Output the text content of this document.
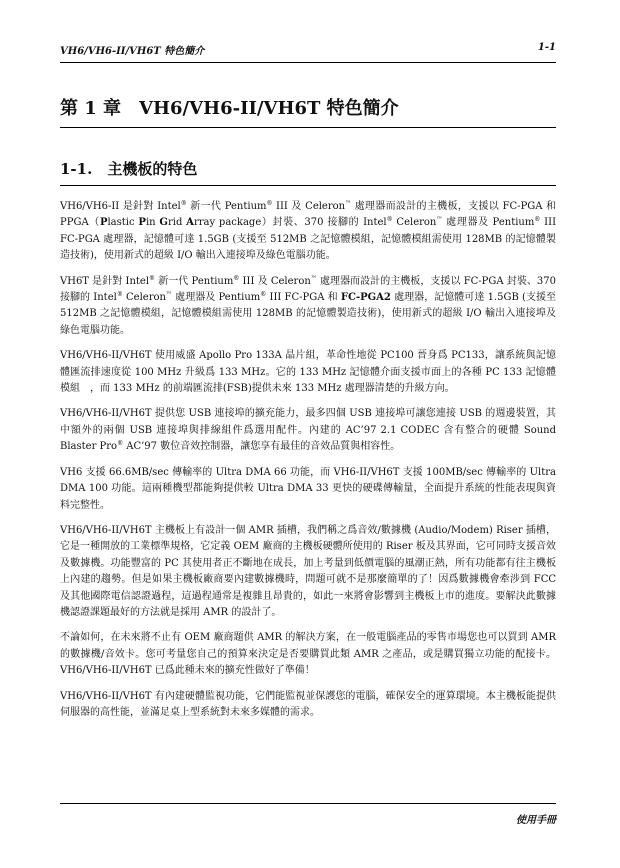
VH6/VH6-II/VH6T 特色簡介	1-1
第 1 章　VH6/VH6-II/VH6T 特色簡介
1-1.　主機板的特色

VH6/VH6-II 是針對 Intel® 新一代 Pentium® III 及 Celeron™ 處理器而設計的主機板，支援以 FC-PGA 和 PPGA（Plastic Pin Grid Array package）封裝、370 接腳的 Intel® Celeron™ 處理器及 Pentium® III FC-PGA 處理器，記憶體可達 1.5GB (支援至 512MB 之記憶體模組，記憶體模組需使用 128MB 的記憶體製造技術)，使用新式的超級 I/O 輸出入連接埠及綠色電腦功能。

VH6T 是針對 Intel® 新一代 Pentium® III 及 Celeron™ 處理器而設計的主機板，支援以 FC-PGA 封裝、370 接腳的 Intel® Celeron™ 處理器及 Pentium® III FC-PGA 和 FC-PGA2 處理器，記憶體可達 1.5GB (支援至 512MB 之記憶體模組，記憶體模組需使用 128MB 的記憶體製造技術)，使用新式的超級 I/O 輸出入連接埠及綠色電腦功能。

VH6/VH6-II/VH6T 使用威盛 Apollo Pro 133A 晶片組，革命性地從 PC100 晉身爲 PC133，讓系統與記憶體匯流排速度從 100 MHz 升級爲 133 MHz。它的 133 MHz 記憶體介面支援市面上的各種 PC 133 記憶體模組　，而 133 MHz 的前端匯流排(FSB)提供未來 133 MHz 處理器清楚的升級方向。

VH6/VH6-II/VH6T 提供您 USB 連接埠的擴充能力，最多四個 USB 連接埠可讓您連接 USB 的週邊裝置，其中額外的兩個 USB 連接埠與排線組件爲選用配件。內建的 AC’97 2.1 CODEC 含有整合的硬體 Sound Blaster Pro® AC’97 數位音效控制器，讓您享有最佳的音效品質與相容性。

VH6 支援 66.6MB/sec 傳輸率的 Ultra DMA 66 功能，而 VH6-II/VH6T 支援 100MB/sec 傳輸率的 Ultra DMA 100 功能。這兩種機型都能夠提供較 Ultra DMA 33 更快的硬碟傳輸量，全面提升系統的性能表現與資料完整性。

VH6/VH6-II/VH6T 主機板上有設計一個 AMR 插槽，我們稱之爲音效/數據機 (Audio/Modem) Riser 插槽，它是一種開放的工業標準規格，它定義 OEM 廠商的主機板硬體所使用的 Riser 板及其界面，它可同時支援音效及數據機。功能豐富的 PC 其使用者正不斷地在成長，加上考量到低價電腦的風潮正熱，所有功能都有往主機板上內建的趨勢。但是如果主機板廠商要內建數據機時，問題可就不是那麼簡單的了！因爲數據機會牽涉到 FCC 及其他國際電信認證過程，這過程通常是複雜且昂貴的，如此一來將會影響到主機板上市的進度。要解決此數據機認證課題最好的方法就是採用 AMR 的設計了。

不論如何，在未來將不止有 OEM 廠商題供 AMR 的解決方案，在一般電腦產品的零售市場您也可以買到 AMR 的數據機/音效卡。您可考量您自己的預算來決定是否要購買此類 AMR 之產品，或是購買獨立功能的配接卡。VH6/VH6-II/VH6T 已爲此種未來的擴充性做好了準備！

VH6/VH6-II/VH6T 有內建硬體監視功能，它們能監視並保護您的電腦，確保安全的運算環境。本主機板能提供伺服器的高性能，並滿足桌上型系統對未來多媒體的需求。

使用手冊
